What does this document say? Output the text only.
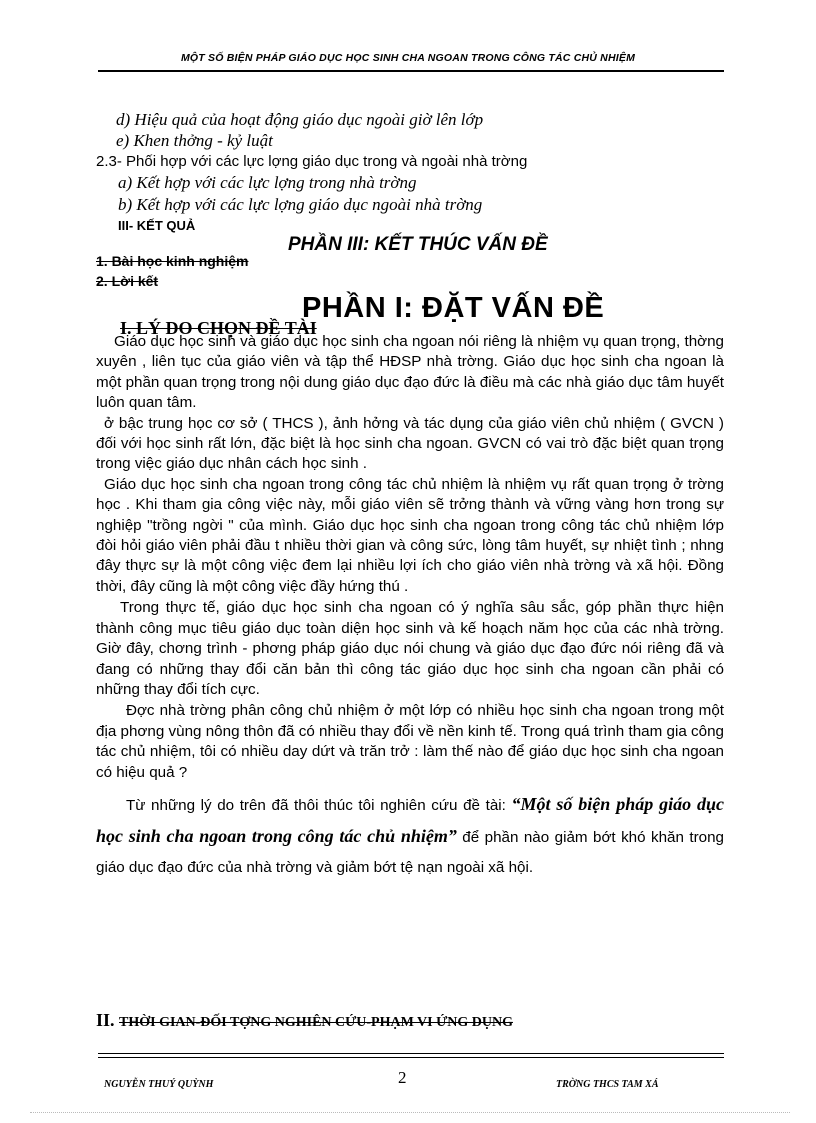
MỘT SỐ BIỆN PHÁP GIÁO DỤC HỌC SINH CHA NGOAN TRONG CÔNG TÁC CHỦ NHIỆM
d) Hiệu quả của hoạt động giáo dục ngoài giờ lên lớp
e) Khen thởng - kỷ luật
2.3- Phối hợp với các lực lợng giáo dục trong và ngoài nhà trờng
a) Kết hợp với các lực lợng trong nhà trờng
b) Kết hợp với các lực lợng giáo dục ngoài nhà trờng
III- KẾT QUẢ
1. Bài học kinh nghiệm
2. Lời kết
PHẦN III: KẾT THÚC VẤN ĐỀ
PHẦN I: ĐẶT VẤN ĐỀ
I. LÝ DO CHỌN ĐỀ TÀI

Giáo dục học sinh và giáo dục học sinh cha ngoan nói riêng là nhiệm vụ quan trọng, thờng xuyên , liên tục của giáo viên và tập thể HĐSP nhà trờng. Giáo dục học sinh cha ngoan là một phần quan trọng trong nội dung giáo dục đạo đức là điều mà các nhà giáo dục tâm huyết luôn quan tâm.

ở bậc trung học cơ sở ( THCS ), ảnh hởng và tác dụng của giáo viên chủ nhiệm ( GVCN ) đối với học sinh rất lớn, đặc biệt là học sinh cha ngoan. GVCN có vai trò đặc biệt quan trọng trong việc giáo dục nhân cách học sinh .

Giáo dục học sinh cha ngoan trong công tác chủ nhiệm là nhiệm vụ rất quan trọng ở trờng học . Khi tham gia công việc này, mỗi giáo viên sẽ trởng thành và vững vàng hơn trong sự nghiệp "trồng ngời " của mình. Giáo dục học sinh cha ngoan trong công tác chủ nhiệm lớp đòi hỏi giáo viên phải đầu t nhiều thời gian và công sức, lòng tâm huyết, sự nhiệt tình ; nhng đây thực sự là một công việc đem lại nhiều lợi ích cho giáo viên nhà trờng và xã hội. Đồng thời, đây cũng là một công việc đầy hứng thú .

Trong thực tế, giáo dục học sinh cha ngoan có ý nghĩa sâu sắc, góp phần thực hiện thành công mục tiêu giáo dục toàn diện học sinh và kế hoạch năm học của các nhà trờng. Giờ đây, chơng trình - phơng pháp giáo dục nói chung và giáo dục đạo đức nói riêng đã và đang có những thay đổi căn bản thì công tác giáo dục học sinh cha ngoan cần phải có những thay đổi tích cực.

Đợc nhà trờng phân công chủ nhiệm ở một lớp có nhiều học sinh cha ngoan trong một địa phơng vùng nông thôn đã có nhiều thay đổi về nền kinh tế. Trong quá trình tham gia công tác chủ nhiệm, tôi có nhiều day dứt và trăn trở : làm thế nào để giáo dục học sinh cha ngoan có hiệu quả ?

Từ những lý do trên đã thôi thúc tôi nghiên cứu đề tài: “Một số biện pháp giáo dục học sinh cha ngoan trong công tác chủ nhiệm” để phần nào giảm bớt khó khăn trong giáo dục đạo đức của nhà trờng và giảm bớt tệ nạn ngoài xã hội.

II. THỜI GIAN-ĐỐI TỢNG NGHIÊN CỨU-PHẠM VI ỨNG DỤNG
NGUYỄN THUÝ QUỲNH	2	TRỜNG THCS TAM XÁ
